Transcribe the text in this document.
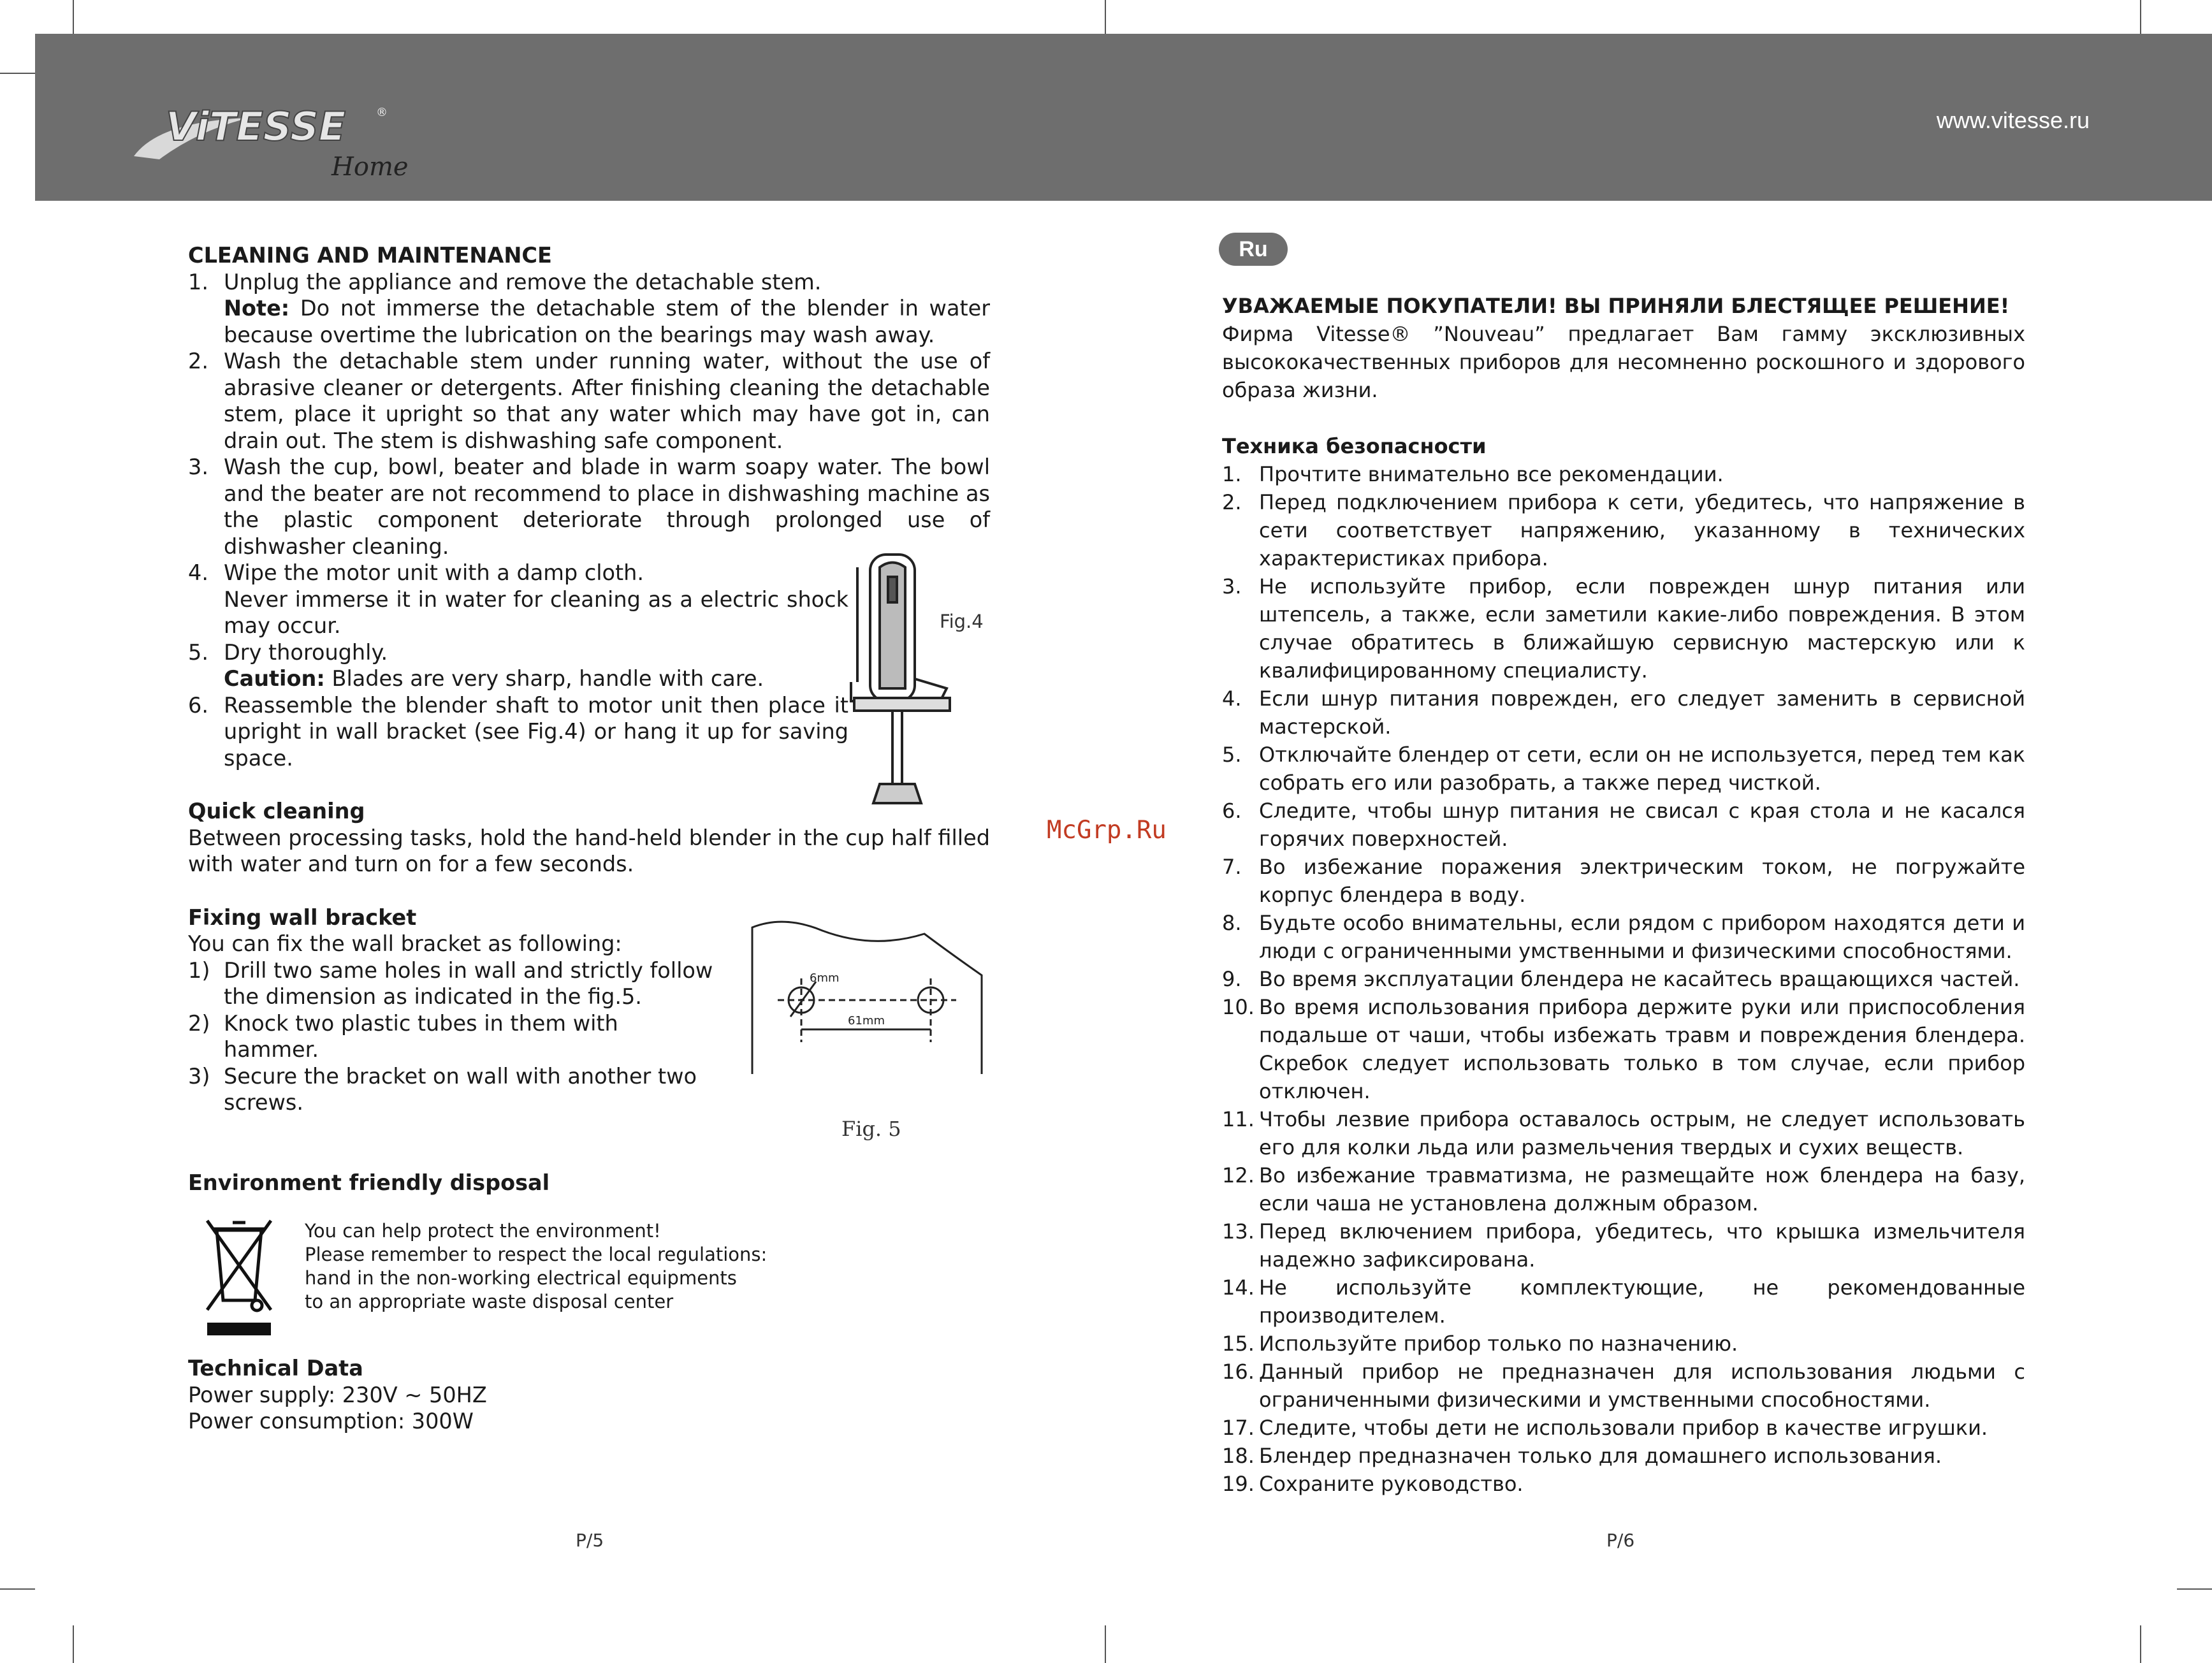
ViTESSE
Home
®	www.vitesse.ru
CLEANING AND MAINTENANCE
1. Unplug the appliance and remove the detachable stem.
Note: Do not immerse the detachable stem of the blender in water because overtime the lubrication on the bearings may wash away.
2. Wash the detachable stem under running water, without the use of abrasive cleaner or detergents. After finishing cleaning the detachable stem, place it upright so that any water which may have got in, can drain out. The stem is dishwashing safe component.
3. Wash the cup, bowl, beater and blade in warm soapy water. The bowl and the beater are not recommend to place in dishwashing machine as the plastic component deteriorate through prolonged use of dishwasher cleaning.
4. Wipe the motor unit with a damp cloth.
Never immerse it in water for cleaning as a electric shock may occur.
5. Dry thoroughly.
Caution: Blades are very sharp, handle with care.
6. Reassemble the blender shaft to motor unit then place it upright in wall bracket (see Fig.4) or hang it up for saving space.
Quick cleaning
Between processing tasks, hold the hand-held blender in the cup half filled with water and turn on for a few seconds.
Fixing wall bracket
You can fix the wall bracket as following:
1) Drill two same holes in wall and strictly follow the dimension as indicated in the fig.5.
2) Knock two plastic tubes in them with hammer.
3) Secure the bracket on wall with another two screws.
Environment friendly disposal
Technical Data
Power supply: 230V ~ 50HZ
Power consumption: 300W
Fig.4
6mm
61mm
Fig. 5
You can help protect the environment!
Please remember to respect the local regulations:
hand in the non-working electrical equipments
to an appropriate waste disposal center
P/5
McGrp.Ru
Ru
УВАЖАЕМЫЕ ПОКУПАТЕЛИ! ВЫ ПРИНЯЛИ БЛЕСТЯЩЕЕ РЕШЕНИЕ!
Фирма Vitesse® ”Nouveau” предлагает Вам гамму эксклюзивных высококачественных приборов для несомненно роскошного и здорового образа жизни.
Техника безопасности
1. Прочтите внимательно все рекомендации.
2. Перед подключением прибора к сети, убедитесь, что напряжение в сети соответствует напряжению, указанному в технических характеристиках прибора.
3. Не используйте прибор, если поврежден шнур питания или штепсель, а также, если заметили какие-либо повреждения. В этом случае обратитесь в ближайшую сервисную мастерскую или к квалифицированному специалисту.
4. Если шнур питания поврежден, его следует заменить в сервисной мастерской.
5. Отключайте блендер от сети, если он не используется, перед тем как собрать его или разобрать, а также перед чисткой.
6. Следите, чтобы шнур питания не свисал с края стола и не касался горячих поверхностей.
7. Во избежание поражения электрическим током, не погружайте корпус блендера в воду.
8. Будьте особо внимательны, если рядом с прибором находятся дети и люди с ограниченными умственными и физическими способностями.
9. Во время эксплуатации блендера не касайтесь вращающихся частей.
10. Во время использования прибора держите руки или приспособления подальше от чаши, чтобы избежать травм и повреждения блендера. Скребок следует использовать только в том случае, если прибор отключен.
11. Чтобы лезвие прибора оставалось острым, не следует использовать его для колки льда или размельчения твердых и сухих веществ.
12. Во избежание травматизма, не размещайте нож блендера на базу, если чаша не установлена должным образом.
13. Перед включением прибора, убедитесь, что крышка измельчителя надежно зафиксирована.
14. Не используйте комплектующие, не рекомендованные производителем.
15. Используйте прибор только по назначению.
16. Данный прибор не предназначен для использования людьми с ограниченными физическими и умственными способностями.
17. Следите, чтобы дети не использовали прибор в качестве игрушки.
18. Блендер предназначен только для домашнего использования.
19. Сохраните руководство.
P/6
